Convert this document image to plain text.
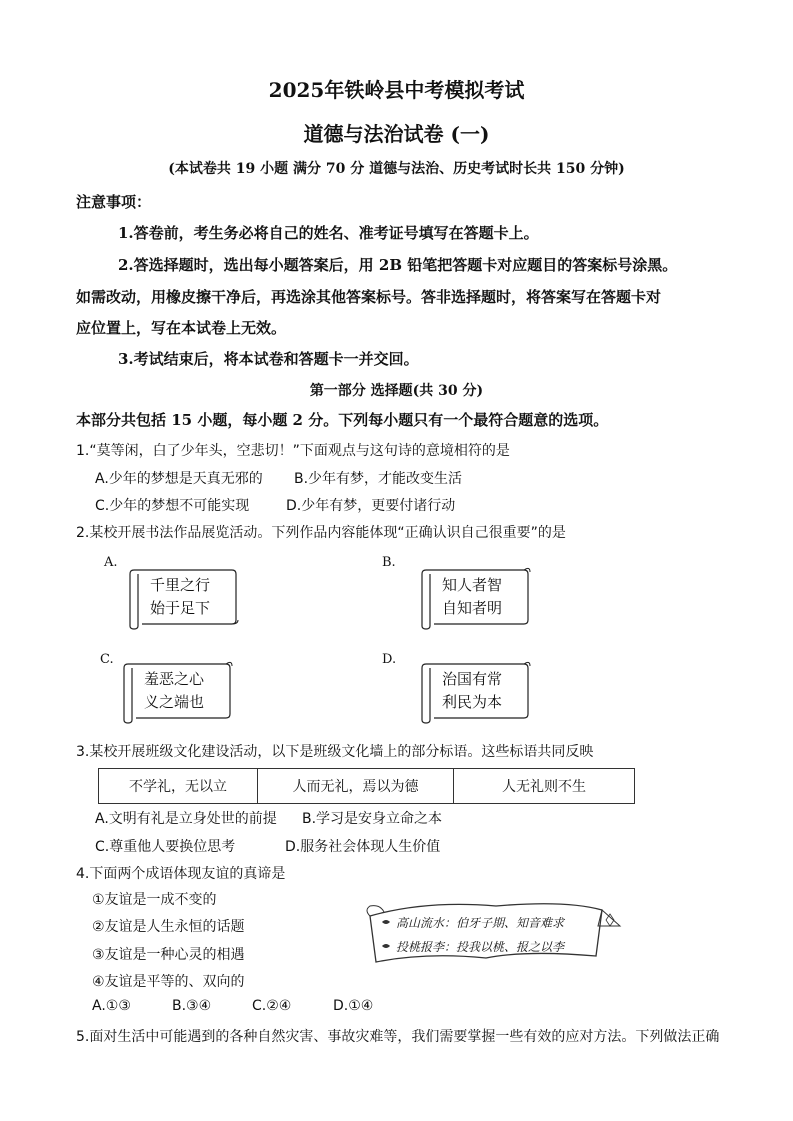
2025年铁岭县中考模拟考试
道德与法治试卷 (一)
(本试卷共 19 小题 满分 70 分 道德与法治、历史考试时长共 150 分钟)
注意事项：
1.答卷前，考生务必将自己的姓名、准考证号填写在答题卡上。
2.答选择题时，选出每小题答案后，用 2B 铅笔把答题卡对应题目的答案标号涂黑。
如需改动，用橡皮擦干净后，再选涂其他答案标号。答非选择题时，将答案写在答题卡对
应位置上，写在本试卷上无效。
3.考试结束后，将本试卷和答题卡一并交回。
第一部分 选择题(共 30 分)
本部分共包括 15 小题，每小题 2 分。下列每小题只有一个最符合题意的选项。
1.“莫等闲，白了少年头，空悲切！”下面观点与这句诗的意境相符的是
A.少年的梦想是天真无邪的 B.少年有梦，才能改变生活
C.少年的梦想不可能实现	D.少年有梦，更要付诸行动
2.某校开展书法作品展览活动。下列作品内容能体现“正确认识自己很重要”的是
A.
千里之行
始于足下
B.
知人者智
自知者明
C.
羞恶之心
义之端也
D.
治国有常
利民为本
3.某校开展班级文化建设活动，以下是班级文化墙上的部分标语。这些标语共同反映
不学礼，无以立	人而无礼，焉以为德	人无礼则不生
A.文明有礼是立身处世的前提 B.学习是安身立命之本
C.尊重他人要换位思考	D.服务社会体现人生价值
4.下面两个成语体现友谊的真谛是
①友谊是一成不变的
②友谊是人生永恒的话题
③友谊是一种心灵的相遇
④友谊是平等的、双向的
A.①③	B.③④	C.②④	D.①④
高山流水：伯牙子期、知音难求
投桃报李：投我以桃、报之以李
5.面对生活中可能遇到的各种自然灾害、事故灾难等，我们需要掌握一些有效的应对方法。下列做法正确
